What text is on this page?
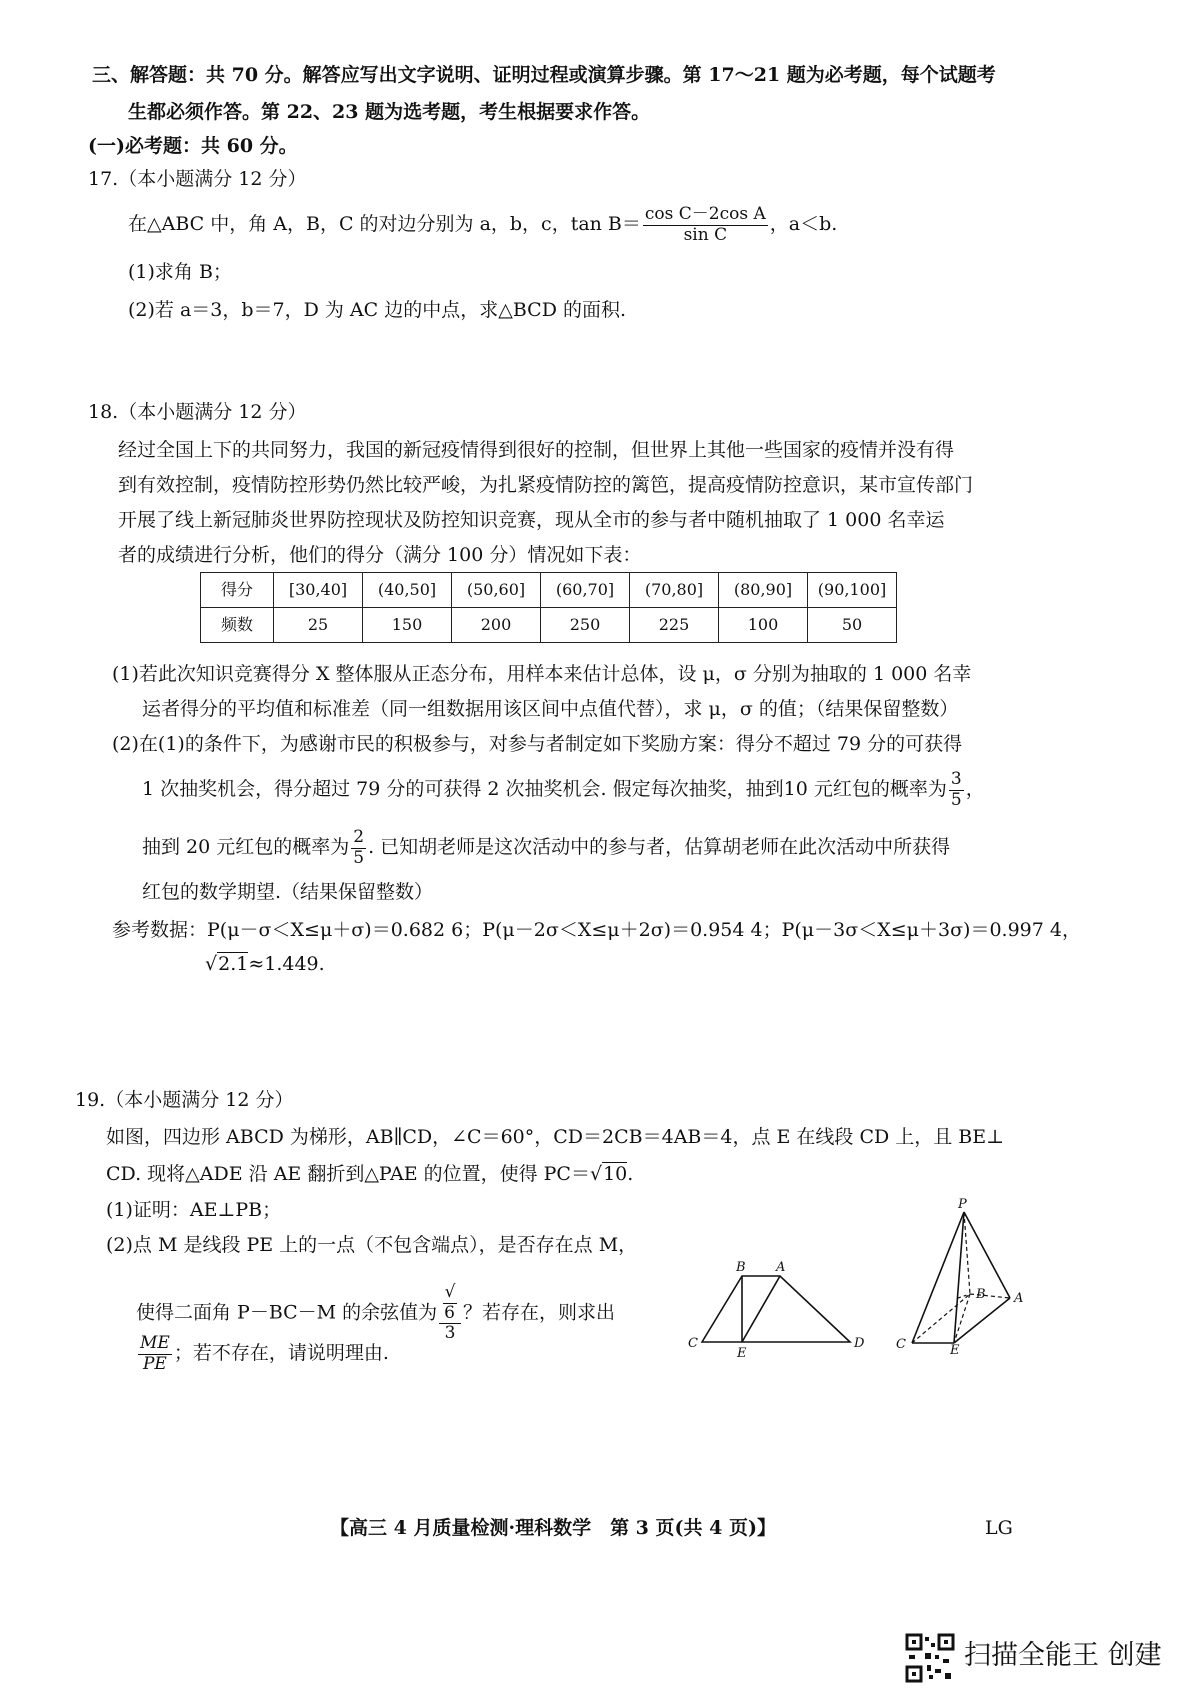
三、解答题：共 70 分。解答应写出文字说明、证明过程或演算步骤。第 17～21 题为必考题，每个试题考
生都必须作答。第 22、23 题为选考题，考生根据要求作答。
(一)必考题：共 60 分。
17.（本小题满分 12 分）
在△ABC 中，角 A，B，C 的对边分别为 a，b，c，$\tan B= \frac{\text{cos C－2cos A}}{\text{sin C}}$ ，a＜b.
(1)求角 B；
(2)若 a＝3，b＝7，D 为 AC 边的中点，求△BCD 的面积.
18.（本小题满分 12 分）
经过全国上下的共同努力，我国的新冠疫情得到很好的控制，但世界上其他一些国家的疫情并没有得
到有效控制，疫情防控形势仍然比较严峻，为扎紧疫情防控的篱笆，提高疫情防控意识，某市宣传部门
开展了线上新冠肺炎世界防控现状及防控知识竞赛，现从全市的参与者中随机抽取了 1 000 名幸运
者的成绩进行分析，他们的得分（满分 100 分）情况如下表：
得分	[30,40]	(40,50]	(50,60]	(60,70]	(70,80]	(80,90]	(90,100]
频数	25	150	200	250	225	100	50
(1)若此次知识竞赛得分 X 整体服从正态分布，用样本来估计总体，设 μ，σ 分别为抽取的 1 000 名幸
运者得分的平均值和标准差（同一组数据用该区间中点值代替），求 μ，σ 的值；（结果保留整数）
(2)在(1)的条件下，为感谢市民的积极参与，对参与者制定如下奖励方案：得分不超过 79 分的可获得
1 次抽奖机会，得分超过 79 分的可获得 2 次抽奖机会. 假定每次抽奖，抽到10 元红包的概率为 $\frac{3}{5}$ ，
抽到 20 元红包的概率为 $\frac{2}{5}$ . 已知胡老师是这次活动中的参与者，估算胡老师在此次活动中所获得
红包的数学期望.（结果保留整数）
参考数据：P(μ－σ＜X≤μ＋σ)＝0.682 6；P(μ－2σ＜X≤μ＋2σ)＝0.954 4；P(μ－3σ＜X≤μ＋3σ)＝0.997 4，
√2.1≈1.449.
19.（本小题满分 12 分）
如图，四边形 ABCD 为梯形，AB∥CD，∠C＝60°，CD＝2CB＝4AB＝4，点 E 在线段 CD 上，且 BE⊥
CD. 现将△ADE 沿 AE 翻折到△PAE 的位置，使得 PC＝√10.
(1)证明：AE⊥PB；
(2)点 M 是线段 PE 上的一点（不包含端点），是否存在点 M，
使得二面角 P－BC－M 的余弦值为 √
6
3 ？若存在，则求出
$\frac{ME}{PE}$ ；若不存在，请说明理由.
B A
C
E
D
P
B A
C	E
【高三 4 月质量检测·理科数学　第 3 页(共 4 页)】	LG
扫描全能王 创建
